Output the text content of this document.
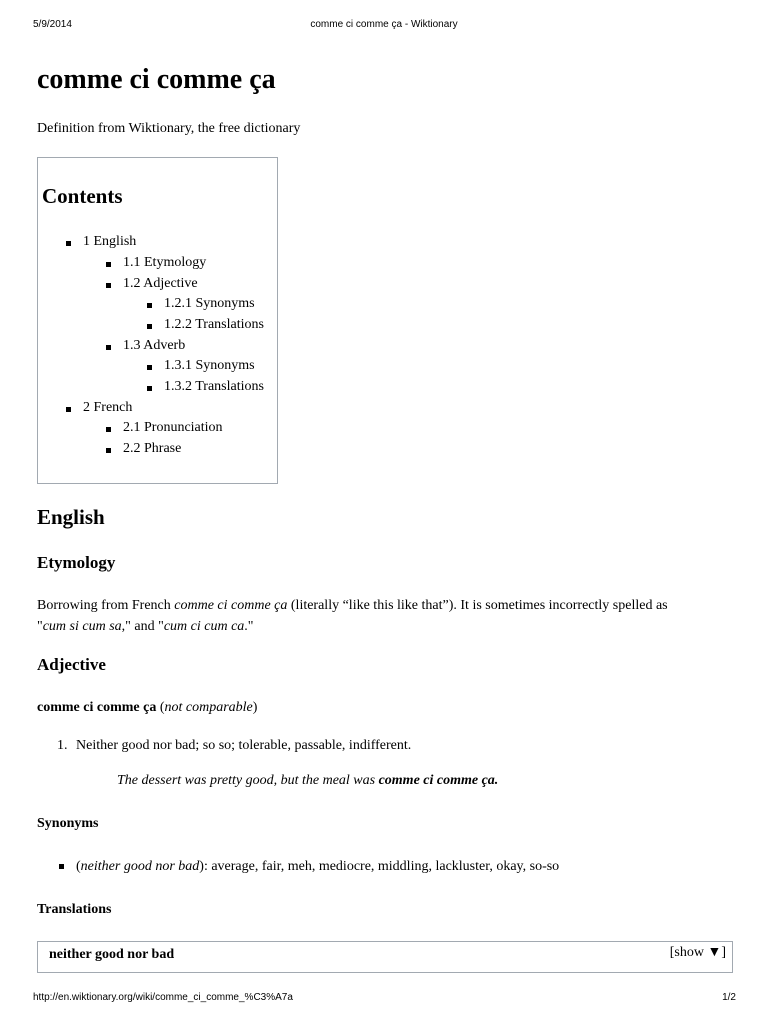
5/9/2014	comme ci comme ça - Wiktionary
comme ci comme ça
Definition from Wiktionary, the free dictionary
Contents
1 English
1.1 Etymology
1.2 Adjective
1.2.1 Synonyms
1.2.2 Translations
1.3 Adverb
1.3.1 Synonyms
1.3.2 Translations
2 French
2.1 Pronunciation
2.2 Phrase
English
Etymology
Borrowing from French comme ci comme ça (literally “like this like that”). It is sometimes incorrectly spelled as
"cum si cum sa," and "cum ci cum ca."
Adjective
comme ci comme ça (not comparable)
1. Neither good nor bad; so so; tolerable, passable, indifferent.
The dessert was pretty good, but the meal was comme ci comme ça.
Synonyms
(neither good nor bad): average, fair, meh, mediocre, middling, lackluster, okay, so-so
Translations
neither good nor bad	[show ▼]
http://en.wiktionary.org/wiki/comme_ci_comme_%C3%A7a	1/2
